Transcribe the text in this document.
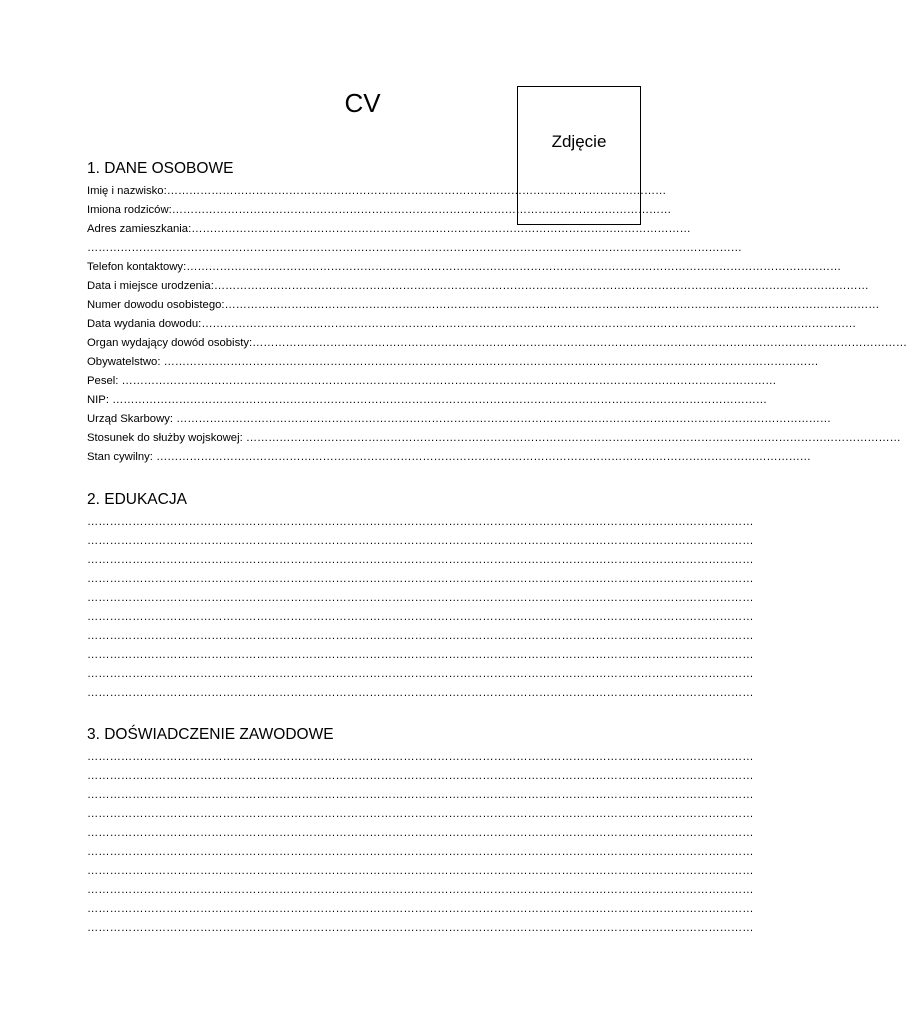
CV
Zdjęcie
1. DANE OSOBOWE
Imię i nazwisko:………………………………………………………………………………………………………………………
Imiona rodziców:………………………………………………………………………………………………………………………
Adres zamieszkania:………………………………………………………………………………………………………………………
……………………………………………………………………………………………………………………………………………………………
Telefon kontaktowy:……………………………………………………………………………………………………………………………………………………………
Data i miejsce urodzenia:……………………………………………………………………………………………………………………………………………………………
Numer dowodu osobistego:……………………………………………………………………………………………………………………………………………………………
Data wydania dowodu:……………………………………………………………………………………………………………………………………………………………
Organ wydający dowód osobisty:……………………………………………………………………………………………………………………………………………………………
Obywatelstwo: ……………………………………………………………………………………………………………………………………………………………
Pesel: ……………………………………………………………………………………………………………………………………………………………
NIP: ……………………………………………………………………………………………………………………………………………………………
Urząd Skarbowy: ……………………………………………………………………………………………………………………………………………………………
Stosunek do służby wojskowej: ……………………………………………………………………………………………………………………………………………………………
Stan cywilny: ……………………………………………………………………………………………………………………………………………………………
2. EDUKACJA
……………………………………………………………………………………………………………………………………………………………
……………………………………………………………………………………………………………………………………………………………
……………………………………………………………………………………………………………………………………………………………
……………………………………………………………………………………………………………………………………………………………
……………………………………………………………………………………………………………………………………………………………
……………………………………………………………………………………………………………………………………………………………
……………………………………………………………………………………………………………………………………………………………
……………………………………………………………………………………………………………………………………………………………
……………………………………………………………………………………………………………………………………………………………
……………………………………………………………………………………………………………………………………………………………
3. DOŚWIADCZENIE ZAWODOWE
……………………………………………………………………………………………………………………………………………………………
……………………………………………………………………………………………………………………………………………………………
……………………………………………………………………………………………………………………………………………………………
……………………………………………………………………………………………………………………………………………………………
……………………………………………………………………………………………………………………………………………………………
……………………………………………………………………………………………………………………………………………………………
……………………………………………………………………………………………………………………………………………………………
……………………………………………………………………………………………………………………………………………………………
……………………………………………………………………………………………………………………………………………………………
……………………………………………………………………………………………………………………………………………………………
